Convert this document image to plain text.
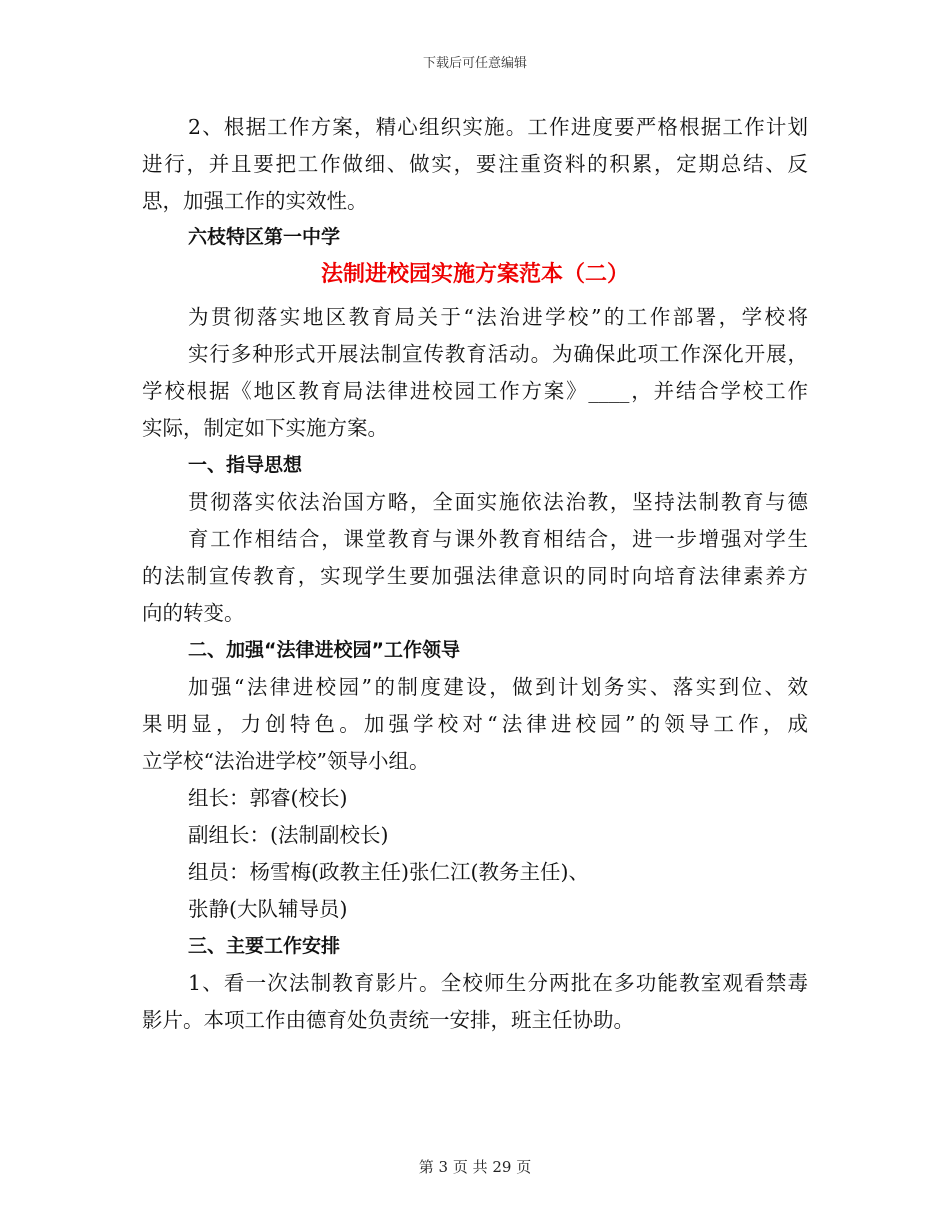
下载后可任意编辑
2、根据工作方案，精心组织实施。工作进度要严格根据工作计划
进行，并且要把工作做细、做实，要注重资料的积累，定期总结、反
思，加强工作的实效性。
六枝特区第一中学
法制进校园实施方案范本（二）
为贯彻落实地区教育局关于“法治进学校”的工作部署，学校将
实行多种形式开展法制宣传教育活动。为确保此项工作深化开展，
学校根据《地区教育局法律进校园工作方案》____，并结合学校工作
实际，制定如下实施方案。
一、指导思想
贯彻落实依法治国方略，全面实施依法治教，坚持法制教育与德
育工作相结合，课堂教育与课外教育相结合，进一步增强对学生
的法制宣传教育，实现学生要加强法律意识的同时向培育法律素养方
向的转变。
二、加强“法律进校园”工作领导
加强“法律进校园”的制度建设，做到计划务实、落实到位、效
果明显，力创特色。加强学校对“法律进校园”的领导工作，成
立学校“法治进学校”领导小组。
组长：郭睿(校长)
副组长：(法制副校长)
组员：杨雪梅(政教主任)张仁江(教务主任)、
张静(大队辅导员)
三、主要工作安排
1、看一次法制教育影片。全校师生分两批在多功能教室观看禁毒
影片。本项工作由德育处负责统一安排，班主任协助。
第 3 页 共 29 页
